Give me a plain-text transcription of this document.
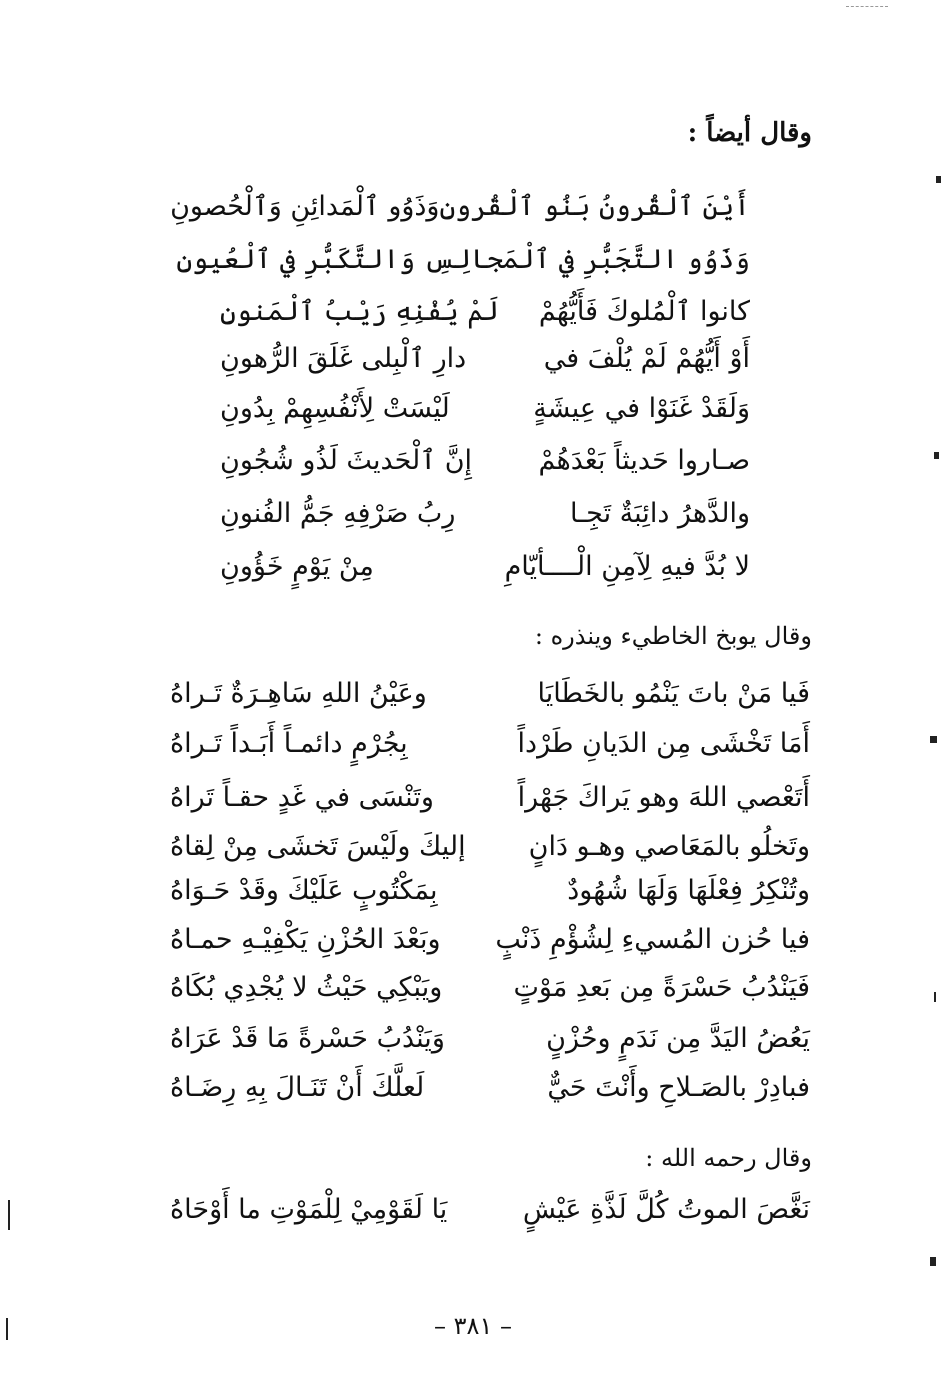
وقال أيضاً :
أَيْنَ ٱلْقُرونُ بَنُو ٱلْقُرونِ
وَذَوُو ٱلْمَدائِنِ وَٱلْحُصونِ
وَذَوُو التَّجَبُّرِ في ٱلْمَجا
لِسِ وَالتَّكَبُّرِ في ٱلْعُيونِ
كانوا ٱلْمُلوكَ فَأَيُّهُمْ
لَمْ يُفْنِهِ رَيْبُ ٱلْمَنونِ
أَوْ أَيُّهُمْ لَمْ يُلْفَ في
دارِ ٱلْبِلى غَلَقَ الرُّهونِ
وَلَقَدْ غَنَوْا في عِيشَةٍ
لَيْسَتْ لِأَنْفُسِهِمْ بِدُونِ
صـاروا حَديثاً بَعْدَهُمْ
إِنَّ ٱلْحَديثَ لَذُو شُجُونِ
والدَّهرُ دائِبَةٌ تَجِـا
رِبُ صَرْفِهِ جَمُّ الفُنونِ
لا بُدَّ فيهِ لِآمِنِ الْــــأيّامِ
مِنْ يَوْمٍ خَؤُونِ
وقال يوبخ الخاطيء وينذره :
فَيا مَنْ باتَ يَنْمُو بالخَطَايَا
وعَيْنُ اللهِ سَاهِـرَةٌ تَـراهُ
أَمَا تَخْشَى مِن الدَيانِ طَرْداً
بِجُرْمٍ دائمـاً أَبَـداً تَـراهُ
أَتَعْصي اللهَ وهو يَراكَ جَهْراً
وتَنْسَى في غَدٍ حقـاً تَراهُ
وتَخلُو بالمَعَاصي وهـو دَانٍ
إليكَ ولَيْسَ تَخشَى مِنْ لِقاهُ
وتُنْكِرُ فِعْلَهَا وَلَهَا شُهُودٌ
بِمَكْتُوبٍ عَلَيْكَ وقَدْ حَـوَاهُ
فيا حُزن المُسيءِ لِشُؤْمِ ذَنْبٍ
وبَعْدَ الحُزْنِ يَكْفِيْـهِ حمـاهُ
فَيَنْدُبُ حَسْرَةً مِن بَعدِ مَوْتٍ
ويَبْكِي حَيْثُ لا يُجْدِي بُكَاهُ
يَعُضُ اليَدَّ مِن نَدَمٍ وحُزْنٍ
وَيَنْدُبُ حَسْرةً مَا قَدْ عَرَاهُ
فبادِرْ بالصَـلاحِ وأَنْتَ حَيٌّ
لَعلَّكَ أَنْ تَنَـالَ بِهِ رِضَـاهُ
وقال رحمه الله :
نَغَّصَ الموتُ كُلَّ لَذَّةِ عَيْشٍ
يَا لَقَوْمِيْ لِلْمَوْتِ ما أَوْحَاهُ
– ٣٨١ –
